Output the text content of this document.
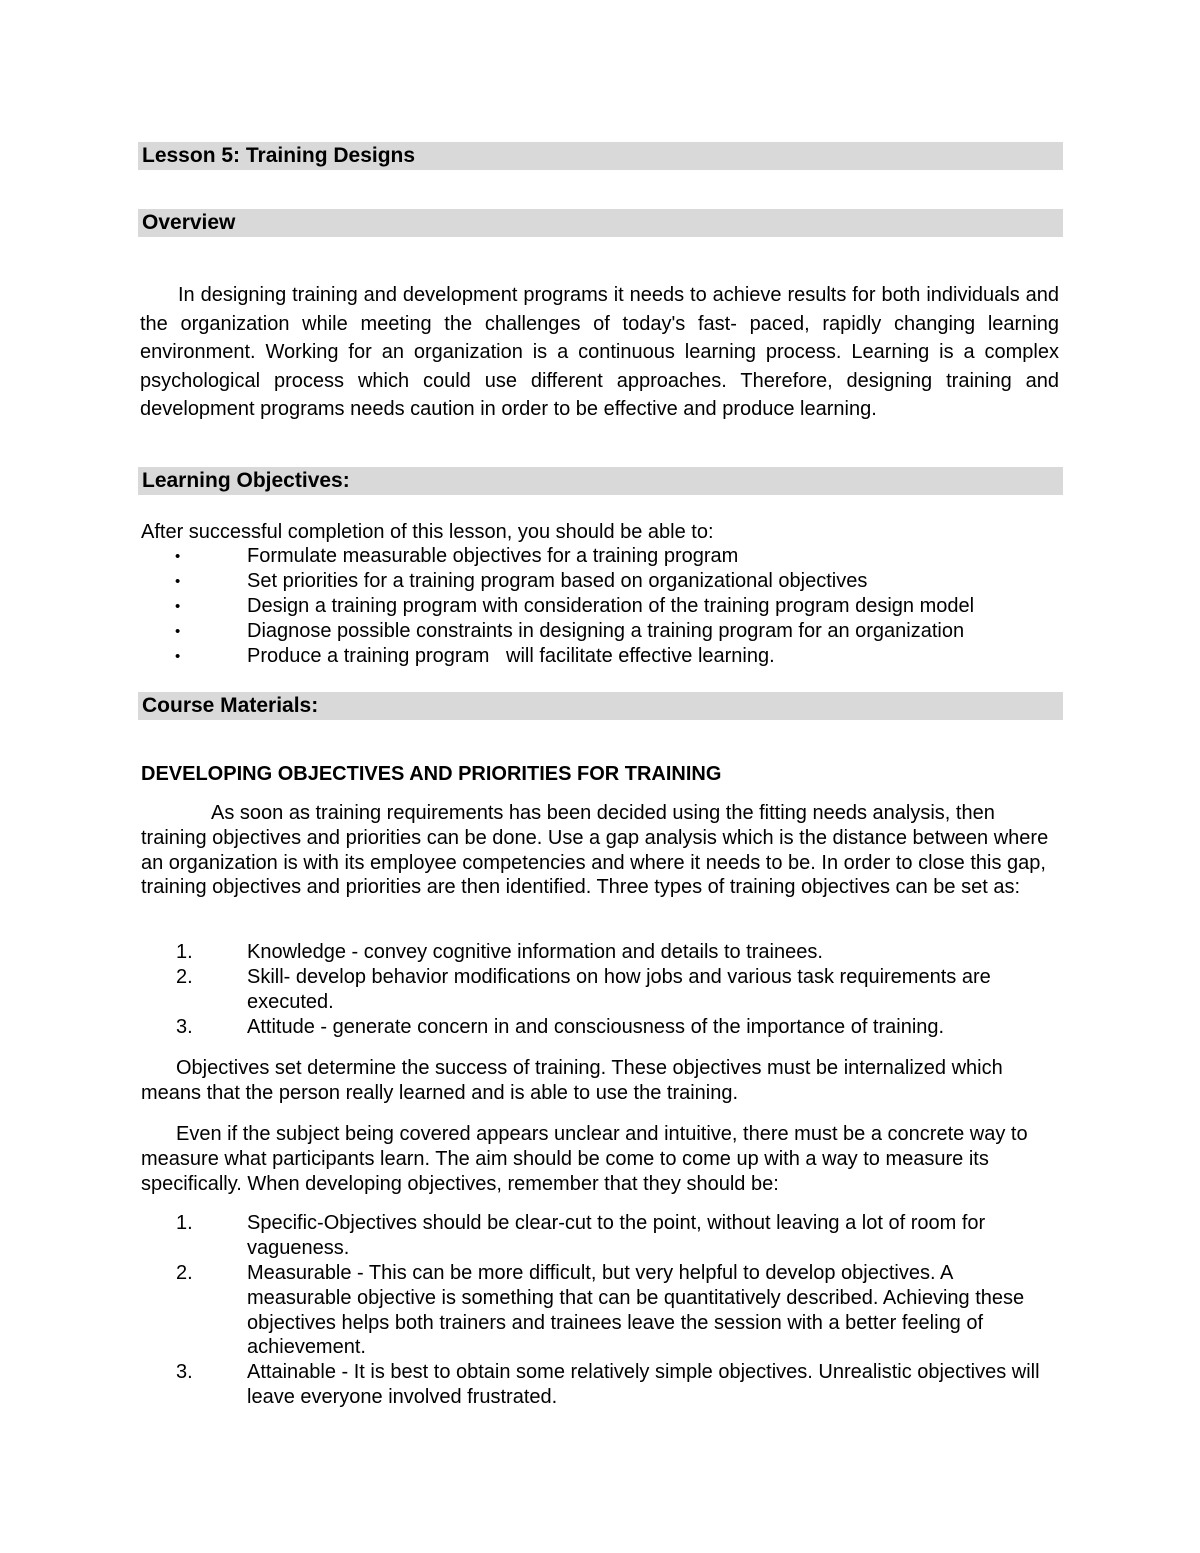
Lesson 5: Training Designs
Overview

In designing training and development programs it needs to achieve results for both individuals and the organization while meeting the challenges of today's fast- paced, rapidly changing learning environment. Working for an organization is a continuous learning process. Learning is a complex psychological process which could use different approaches. Therefore, designing training and development programs needs caution in order to be effective and produce learning.

Learning Objectives:
After successful completion of this lesson, you should be able to:
•	Formulate measurable objectives for a training program
•	Set priorities for a training program based on organizational objectives
•	Design a training program with consideration of the training program design model
•	Diagnose possible constraints in designing a training program for an organization
•	Produce a training program   will facilitate effective learning.
Course Materials:
DEVELOPING OBJECTIVES AND PRIORITIES FOR TRAINING
As soon as training requirements has been decided using the fitting needs analysis, then training objectives and priorities can be done. Use a gap analysis which is the distance between where an organization is with its employee competencies and where it needs to be. In order to close this gap, training objectives and priorities are then identified. Three types of training objectives can be set as:
1.	Knowledge - convey cognitive information and details to trainees.
2.	Skill- develop behavior modifications on how jobs and various task requirements are executed.
3.	Attitude - generate concern in and consciousness of the importance of training.
Objectives set determine the success of training. These objectives must be internalized which means that the person really learned and is able to use the training.
Even if the subject being covered appears unclear and intuitive, there must be a concrete way to measure what participants learn. The aim should be come to come up with a way to measure its specifically. When developing objectives, remember that they should be:
1.	Specific-Objectives should be clear-cut to the point, without leaving a lot of room for vagueness.
2.	Measurable - This can be more difficult, but very helpful to develop objectives. A measurable objective is something that can be quantitatively described. Achieving these objectives helps both trainers and trainees leave the session with a better feeling of achievement.
3.	Attainable - It is best to obtain some relatively simple objectives. Unrealistic objectives will leave everyone involved frustrated.
